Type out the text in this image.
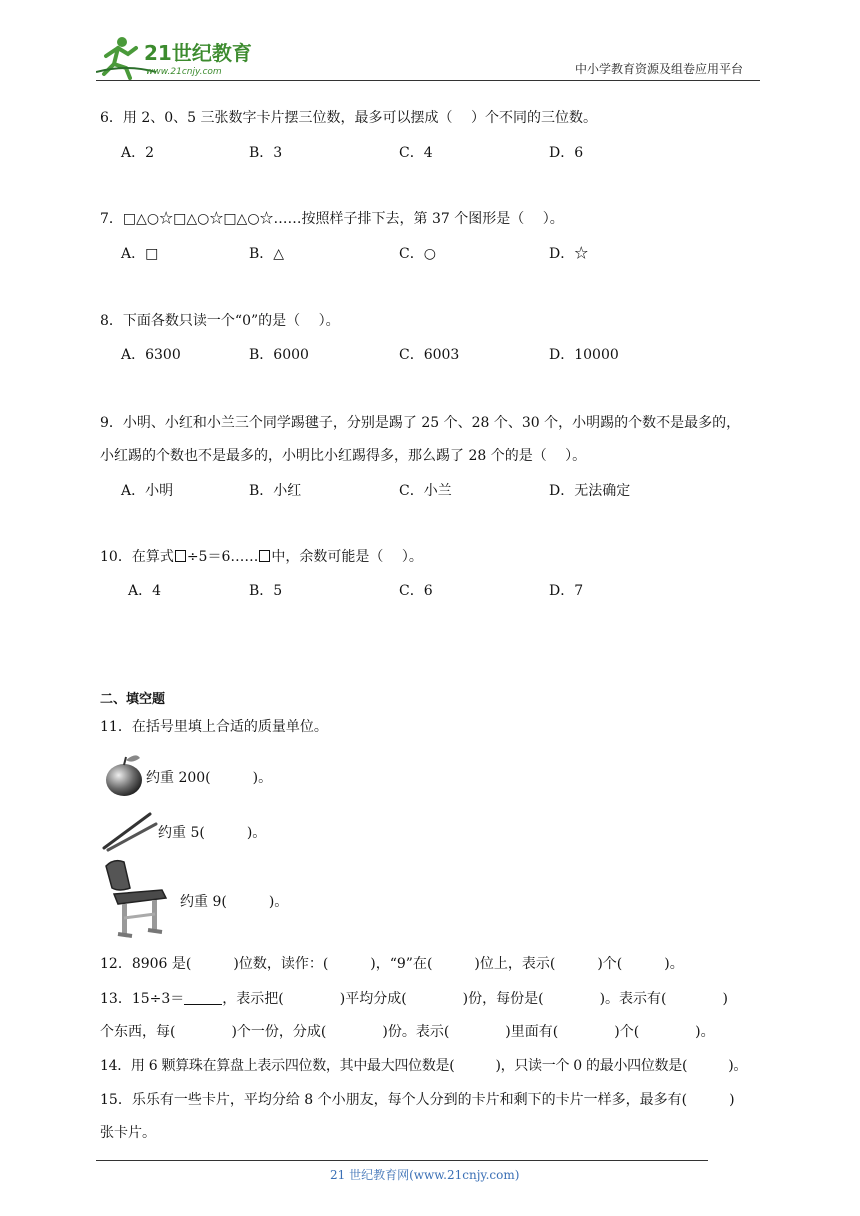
21世纪教育
www.21cnjy.com	中小学教育资源及组卷应用平台
6．用 2、0、5 三张数字卡片摆三位数，最多可以摆成（　 ）个不同的三位数。
A．2	B．3	C．4	D．6
7．□△○☆□△○☆□△○☆……按照样子排下去，第 37 个图形是（　 ）。
A．□	B．△	C．○	D．☆
8．下面各数只读一个“0”的是（　 ）。
A．6300	B．6000	C．6003	D．10000
9．小明、小红和小兰三个同学踢毽子，分别是踢了 25 个、28 个、30 个，小明踢的个数不是最多的，
小红踢的个数也不是最多的，小明比小红踢得多，那么踢了 28 个的是（　 ）。
A．小明	B．小红	C．小兰	D．无法确定
10．在算式 ÷5＝6…… 中，余数可能是（　 ）。
A．4	B．5	C．6	D．7
二、填空题
11．在括号里填上合适的质量单位。
约重 200(　　　)。
约重 5(　　　)。
约重 9(　　　)。
12．8906 是(　　　)位数，读作：(　　　)，“9”在(　　　)位上，表示(　　　)个(　　　)。
13．15÷3＝	，表示把(　　　　)平均分成(　　　　)份，每份是(　　　　)。表示有(　　　　)
个东西，每(　　　　)个一份，分成(　　　　)份。表示(　　　　)里面有(　　　　)个(　　　　)。
14．用 6 颗算珠在算盘上表示四位数，其中最大四位数是(　　　)，只读一个 0 的最小四位数是(　　　)。
15．乐乐有一些卡片，平均分给 8 个小朋友，每个人分到的卡片和剩下的卡片一样多，最多有(　　　)
张卡片。
21 世纪教育网(www.21cnjy.com)
